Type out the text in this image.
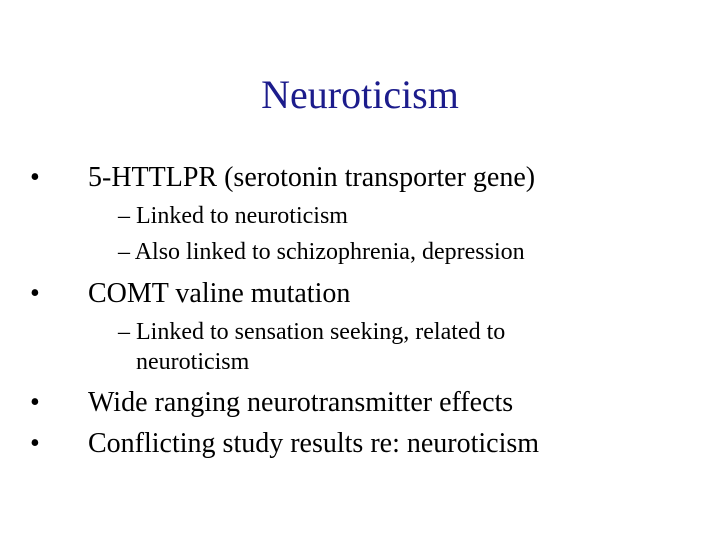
Neuroticism
•	5-HTTLPR (serotonin transporter gene)
– Linked to neuroticism
– Also linked to schizophrenia, depression
•	COMT valine mutation
– Linked to sensation seeking, related to
neuroticism
•	Wide ranging neurotransmitter effects
•	Conflicting study results re: neuroticism
